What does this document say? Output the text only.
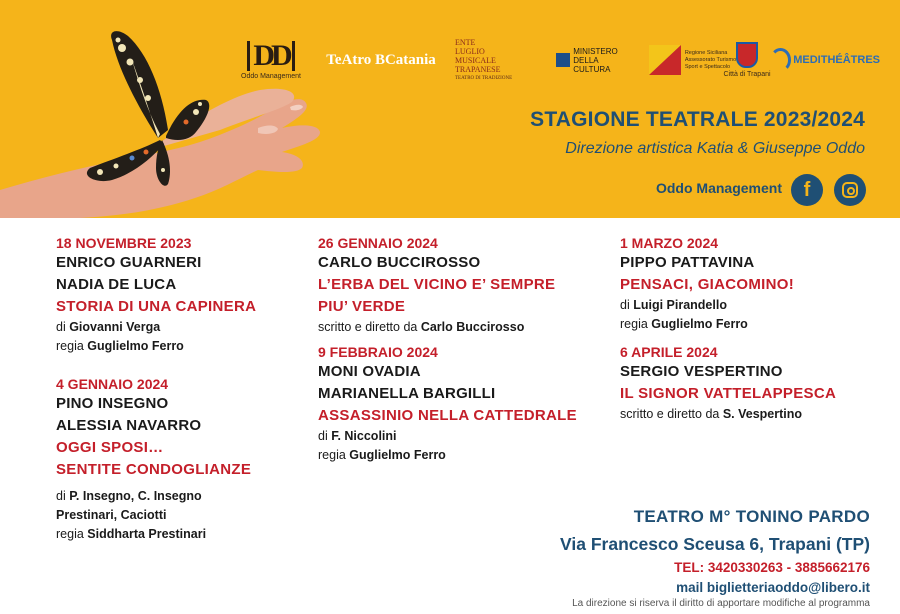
DD
Oddo Management
TeAtro BCatania
ENTE
LUGLIO
MUSICALE
TRAPANESE
TEATRO DI TRADIZIONE
MINISTERO
DELLA
CULTURA
Regione Siciliana
Assessorato Turismo
Sport e Spettacolo
Città di Trapani
MEDITHÉÂTRES
STAGIONE TEATRALE 2023/2024
Direzione artistica Katia & Giuseppe Oddo
Oddo Management	f
18 NOVEMBRE 2023
ENRICO GUARNERI
NADIA DE LUCA
STORIA DI UNA CAPINERA
di Giovanni Verga
regia Guglielmo Ferro
4 GENNAIO 2024
PINO INSEGNO
ALESSIA NAVARRO
OGGI SPOSI…
SENTITE CONDOGLIANZE
di P. Insegno, C. Insegno
Prestinari, Caciotti
regia Siddharta Prestinari
26 GENNAIO 2024
CARLO BUCCIROSSO
L’ERBA DEL VICINO E’ SEMPRE
PIU’ VERDE
scritto e diretto da Carlo Buccirosso
9 FEBBRAIO 2024
MONI OVADIA
MARIANELLA BARGILLI
ASSASSINIO NELLA CATTEDRALE
di F. Niccolini
regia Guglielmo Ferro
1 MARZO 2024
PIPPO PATTAVINA
PENSACI, GIACOMINO!
di Luigi Pirandello
regia Guglielmo Ferro
6 APRILE 2024
SERGIO VESPERTINO
IL SIGNOR VATTELAPPESCA
scritto e diretto da S. Vespertino
TEATRO M° TONINO PARDO
Via Francesco Sceusa 6, Trapani (TP)
TEL: 3420330263 - 3885662176
mail biglietteriaoddo@libero.it
La direzione si riserva il diritto di apportare modifiche al programma
